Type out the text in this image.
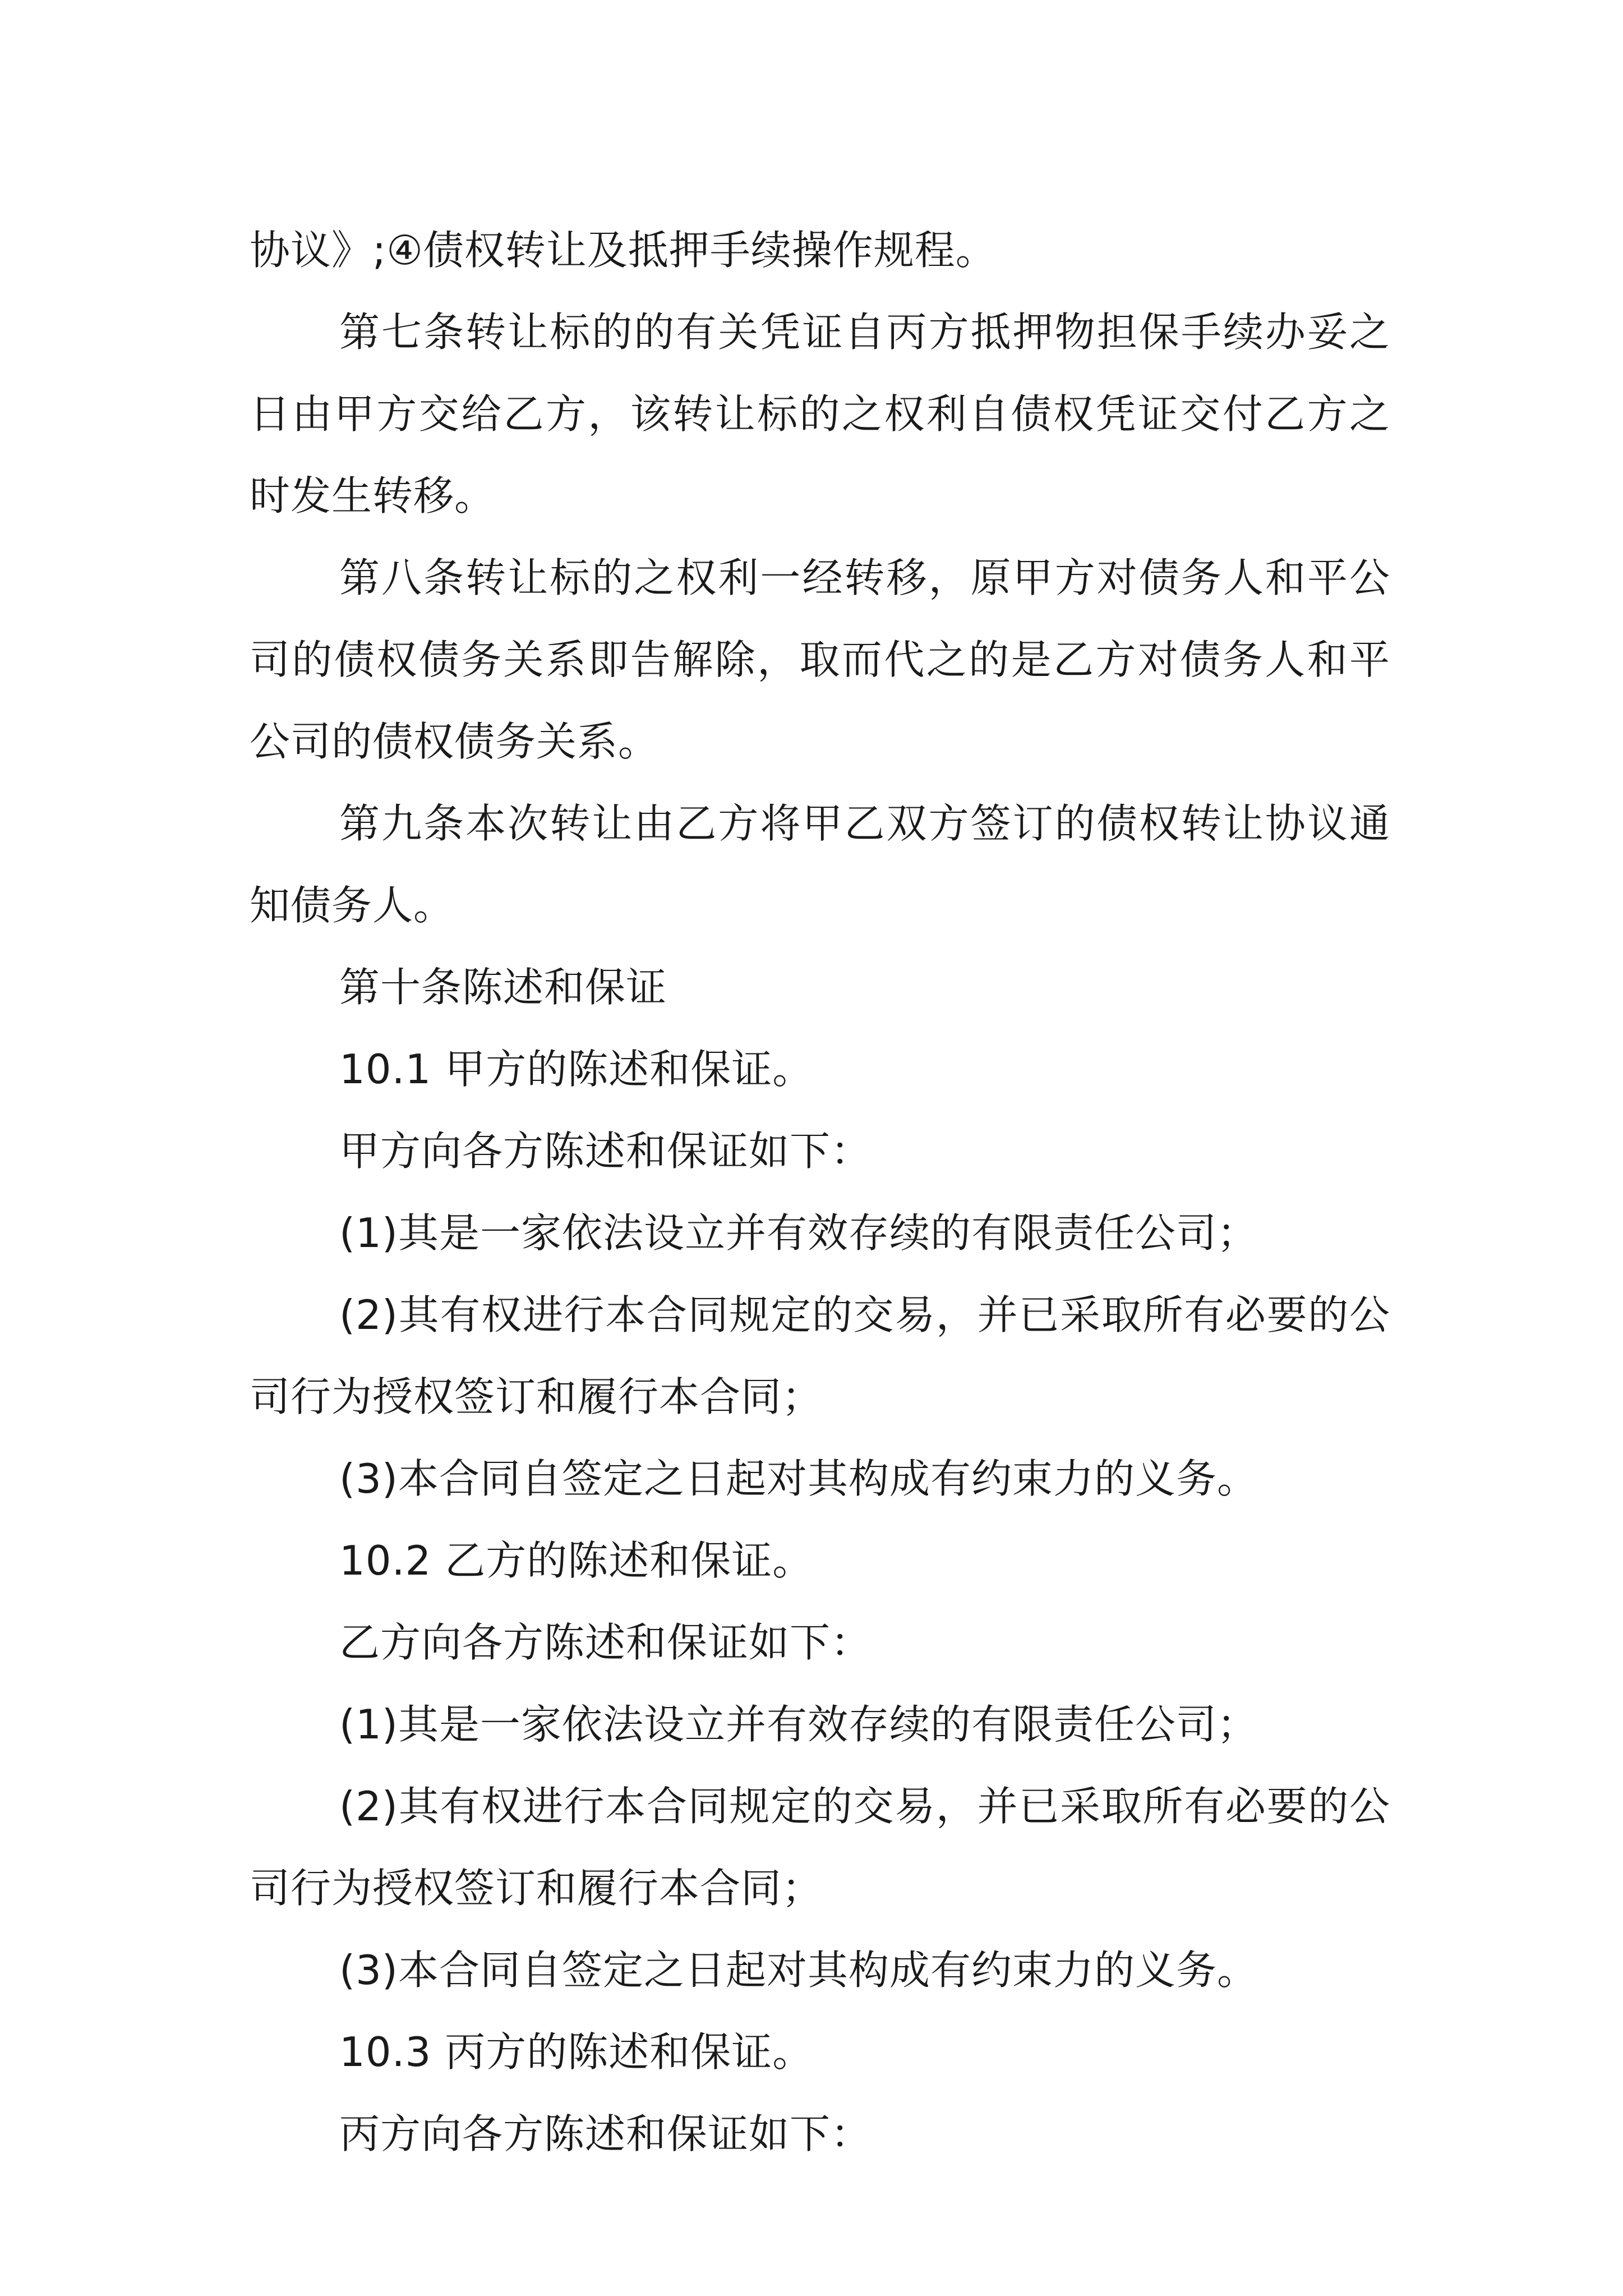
协议》;④债权转让及抵押手续操作规程。

第七条转让标的的有关凭证自丙方抵押物担保手续办妥之日由甲方交给乙方，该转让标的之权利自债权凭证交付乙方之时发生转移。

第八条转让标的之权利一经转移，原甲方对债务人和平公司的债权债务关系即告解除，取而代之的是乙方对债务人和平公司的债权债务关系。

第九条本次转让由乙方将甲乙双方签订的债权转让协议通知债务人。

第十条陈述和保证

10.1 甲方的陈述和保证。

甲方向各方陈述和保证如下：

(1)其是一家依法设立并有效存续的有限责任公司；

(2)其有权进行本合同规定的交易，并已采取所有必要的公司行为授权签订和履行本合同；

(3)本合同自签定之日起对其构成有约束力的义务。

10.2 乙方的陈述和保证。

乙方向各方陈述和保证如下：

(1)其是一家依法设立并有效存续的有限责任公司；

(2)其有权进行本合同规定的交易，并已采取所有必要的公司行为授权签订和履行本合同；

(3)本合同自签定之日起对其构成有约束力的义务。

10.3 丙方的陈述和保证。

丙方向各方陈述和保证如下：
